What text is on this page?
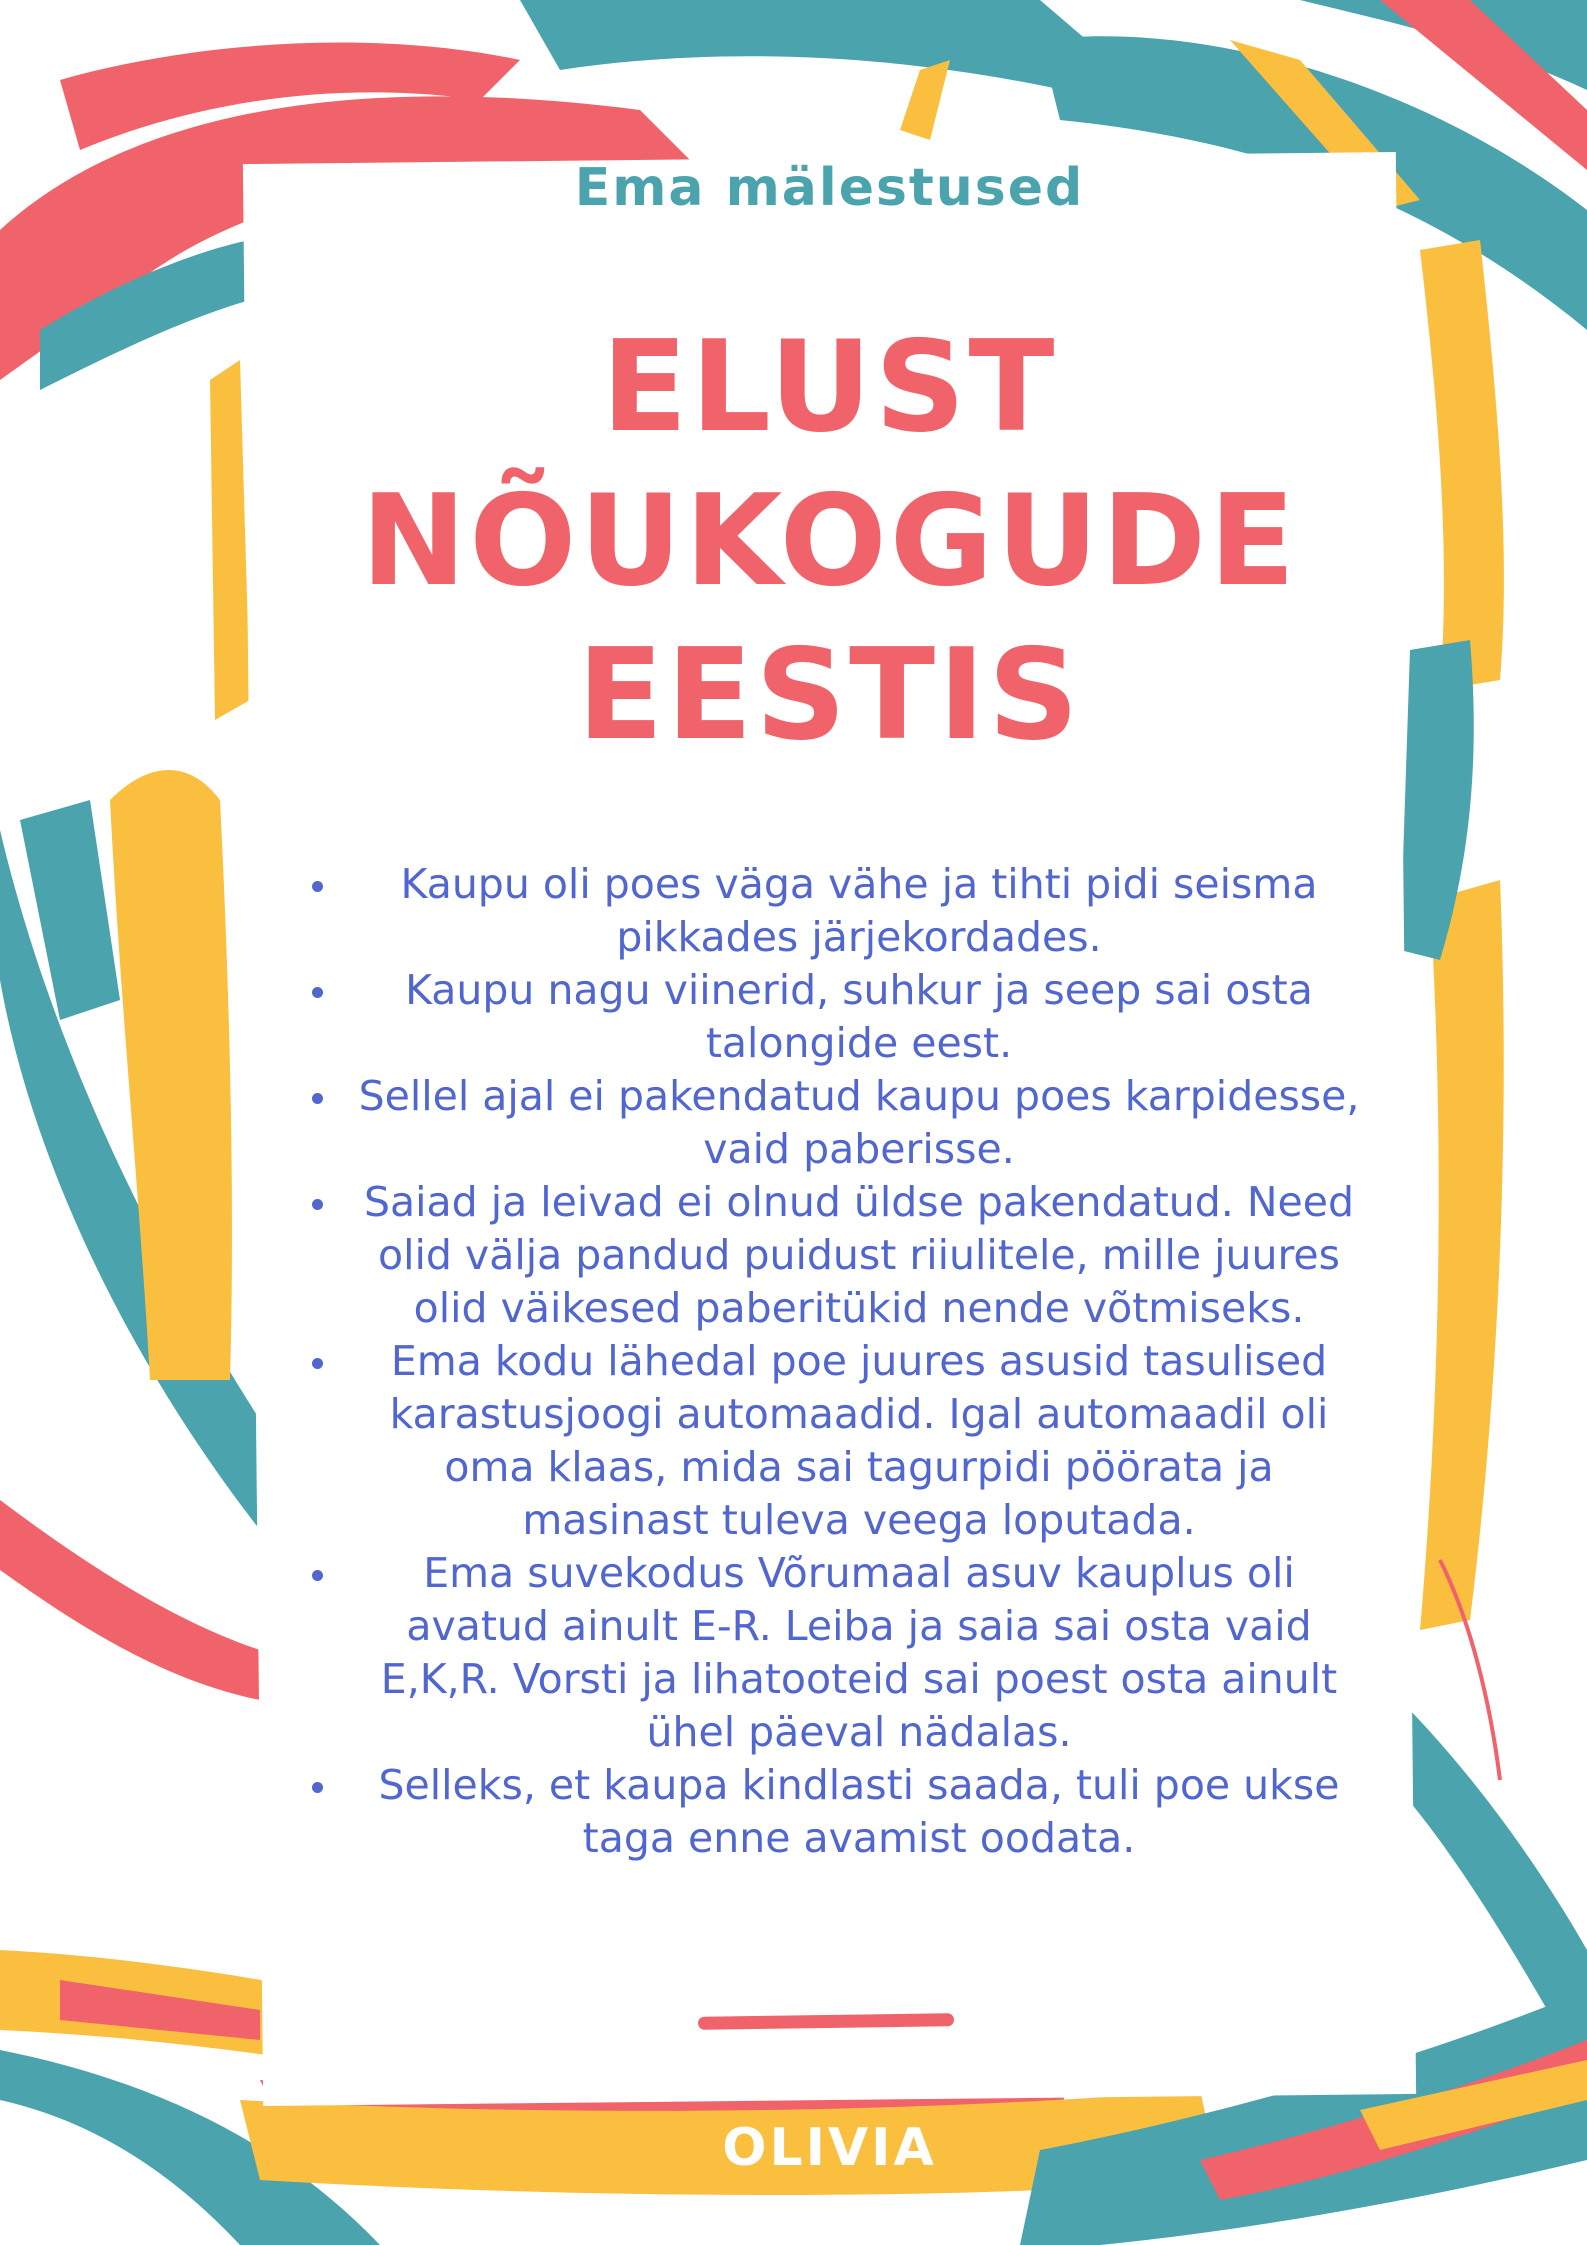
Ema mälestused
ELUST
NÕUKOGUDE
EESTIS
Kaupu oli poes väga vähe ja tihti pidi seisma pikkades järjekordades.
Kaupu nagu viinerid, suhkur ja seep sai osta talongide eest.
Sellel ajal ei pakendatud kaupu poes karpidesse, vaid paberisse.
Saiad ja leivad ei olnud üldse pakendatud. Need olid välja pandud puidust riiulitele, mille juures olid väikesed paberitükid nende võtmiseks.
Ema kodu lähedal poe juures asusid tasulised karastusjoogi automaadid. Igal automaadil oli oma klaas, mida sai tagurpidi pöörata ja masinast tuleva veega loputada.
Ema suvekodus Võrumaal asuv kauplus oli avatud ainult E-R. Leiba ja saia sai osta vaid E,K,R. Vorsti ja lihatooteid sai poest osta ainult ühel päeval nädalas.
Selleks, et kaupa kindlasti saada, tuli poe ukse taga enne avamist oodata.
OLIVIA
